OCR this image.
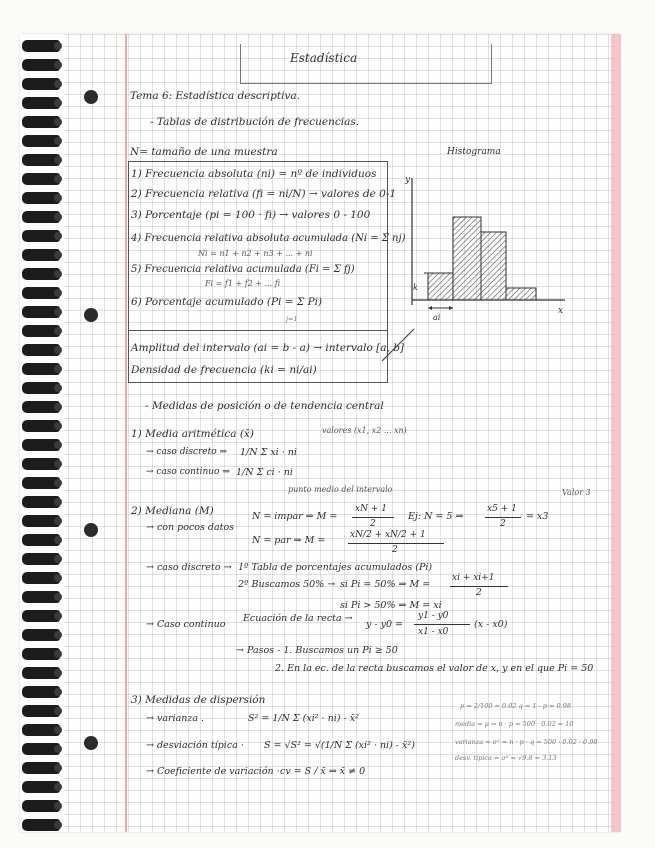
Estadística
Tema 6: Estadística descriptiva.
- Tablas de distribución de frecuencias.
N= tamaño de una muestra	Histograma
1) Frecuencia absoluta (ni) = nº de individuos
2) Frecuencia relativa (fi = ni/N) → valores de 0-1
3) Porcentaje (pi = 100 · fi) → valores 0 - 100
4) Frecuencia relativa absoluta acumulada (Ni = Σ nj)
Ni = n1 + n2 + n3 + ... + ni
5) Frecuencia relativa acumulada (Fi = Σ fj)
Fi = f1 + f2 + ... fi
6) Porcentaje acumulado (Pi = Σ Pi)
j=1
Amplitud del intervalo (ai = b - a) → intervalo [a, b]
Densidad de frecuencia (ki = ni/ai)
y
x
k
ai
- Medidas de posición o de tendencia central
1) Media aritmética (x̄)	valores (x1, x2 ... xn)
→ caso discreto ⇒ 1/N Σ xi · ni
→ caso continuo ⇒ 1/N Σ ci · ni
punto medio del intervalo
2) Mediana (M)
Valor 3
→ con pocos datos
N = impar ⇒ M =
xN + 1
2
Ej: N = 5 ⇒
x5 + 1
2
= x3
N = par ⇒ M =	xN/2 + xN/2 + 1
2
→ caso discreto → 1º Tabla de porcentajes acumulados (Pi)
2º Buscamos 50% → si Pi = 50% ⇒ M =
xi + xi+1
2
si Pi > 50% ⇒ M = xi
→ Caso continuo
Ecuación de la recta →
y - y0 =
y1 - y0
x1 - x0
(x - x0)
→ Pasos - 1. Buscamos un Pi ≥ 50
2. En la ec. de la recta buscamos el valor de x, y en el que Pi = 50
3) Medidas de dispersión
→ varianza .	S² = 1/N Σ (xi² · ni) - x̄²
→ desviación típica · S = √S² = √(1/N Σ (xi² · ni) - x̄²)
→ Coeficiente de variación · cv = S / x̄ ⇒ x̄ ≠ 0
p = 2/100 = 0.02 q = 1 - p = 0.98
media = μ = n · p = 500 · 0.02 = 10
varianza = σ² = n · p · q = 500 · 0.02 · 0.98
desv. típica = σ² = √9.8 = 3.13
